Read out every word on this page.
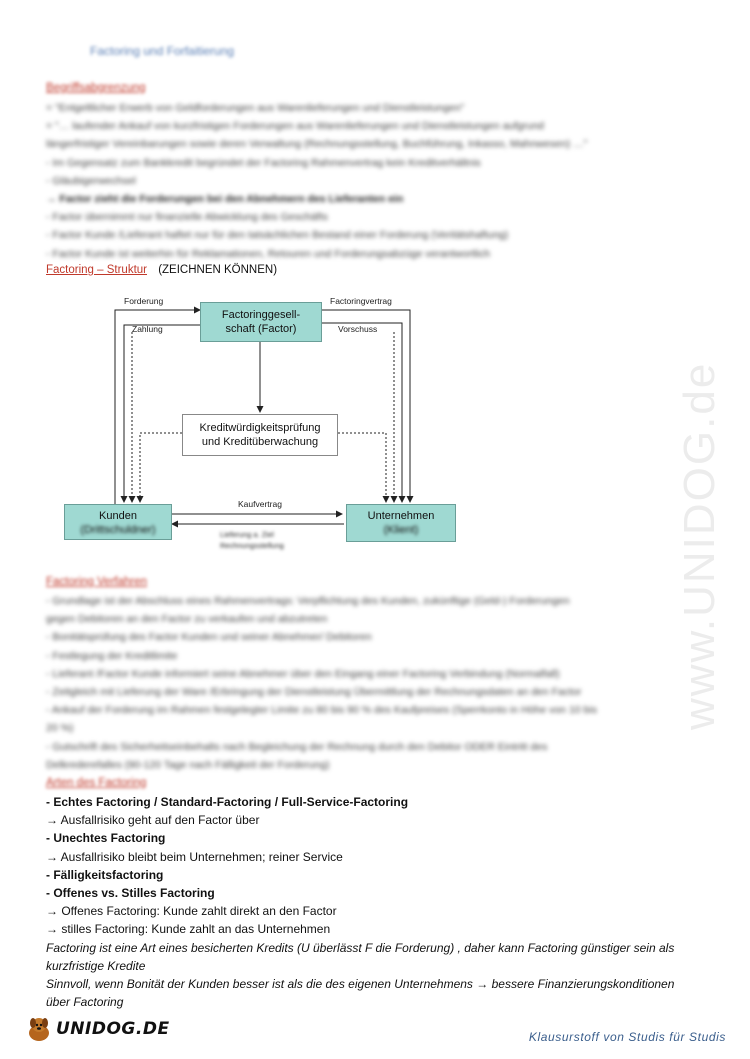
www.UNIDOG.de
Factoring und Forfaitierung
Begriffsabgrenzung
= "Entgeltlicher Erwerb von Geldforderungen aus Warenlieferungen und Dienstleistungen"
= "… laufender Ankauf von kurzfristigen Forderungen aus Warenlieferungen und Dienstleistungen aufgrund
längerfristiger Vereinbarungen sowie deren Verwaltung (Rechnungsstellung, Buchführung, Inkasso, Mahnwesen) …"
- Im Gegensatz zum Bankkredit begründet der Factoring Rahmenvertrag kein Kreditverhältnis
- Gläubigerwechsel
→ Factor zieht die Forderungen bei den Abnehmern des Lieferanten ein
- Factor übernimmt nur finanzielle Abwicklung des Geschäfts
- Factor Kunde /Lieferant haftet nur für den tatsächlichen Bestand einer Forderung (Veritätshaftung)
- Factor Kunde ist weiterhin für Reklamationen, Retouren und Forderungsabzüge verantwortlich
Factoring – Struktur (ZEICHNEN KÖNNEN)
Factoringgesell-
schaft (Factor)
Kreditwürdigkeitsprüfung
und Kreditüberwachung
Kunden
(Drittschuldner)
Unternehmen
(Klient)
Forderung
Zahlung
Factoringvertrag
Vorschuss
Kaufvertrag
Lieferung a. Ziel
Rechnungsstellung
Factoring Verfahren
- Grundlage ist der Abschluss eines Rahmenvertrags: Verpflichtung des Kunden, zukünftige (Geld-) Forderungen
gegen Debitoren an den Factor zu verkaufen und abzutreten
- Bonitätsprüfung des Factor Kunden und seiner Abnehmer/ Debitoren
- Festlegung der Kreditlimite
- Lieferant /Factor Kunde informiert seine Abnehmer über den Eingang einer Factoring Verbindung (Normalfall)
- Zeitgleich mit Lieferung der Ware /Erbringung der Dienstleistung Übermittlung der Rechnungsdaten an den Factor
- Ankauf der Forderung im Rahmen festgelegter Limite zu 80 bis 90 % des Kaufpreises (Sperrkonto in Höhe von 10 bis
20 %)
- Gutschrift des Sicherheitseinbehalts nach Begleichung der Rechnung durch den Debitor ODER Eintritt des
Delkrederefalles (90-120 Tage nach Fälligkeit der Forderung)
Arten des Factoring
- Echtes Factoring / Standard-Factoring / Full-Service-Factoring
→ Ausfallrisiko geht auf den Factor über
- Unechtes Factoring
→ Ausfallrisiko bleibt beim Unternehmen; reiner Service
- Fälligkeitsfactoring
- Offenes vs. Stilles Factoring
→ Offenes Factoring: Kunde zahlt direkt an den Factor
→ stilles Factoring: Kunde zahlt an das Unternehmen
Factoring ist eine Art eines besicherten Kredits (U überlässt F die Forderung) , daher kann Factoring günstiger sein als
kurzfristige Kredite
Sinnvoll, wenn Bonität der Kunden besser ist als die des eigenen Unternehmens → bessere Finanzierungskonditionen
über Factoring
UNIDOG.DE	Klausurstoff von Studis für Studis
